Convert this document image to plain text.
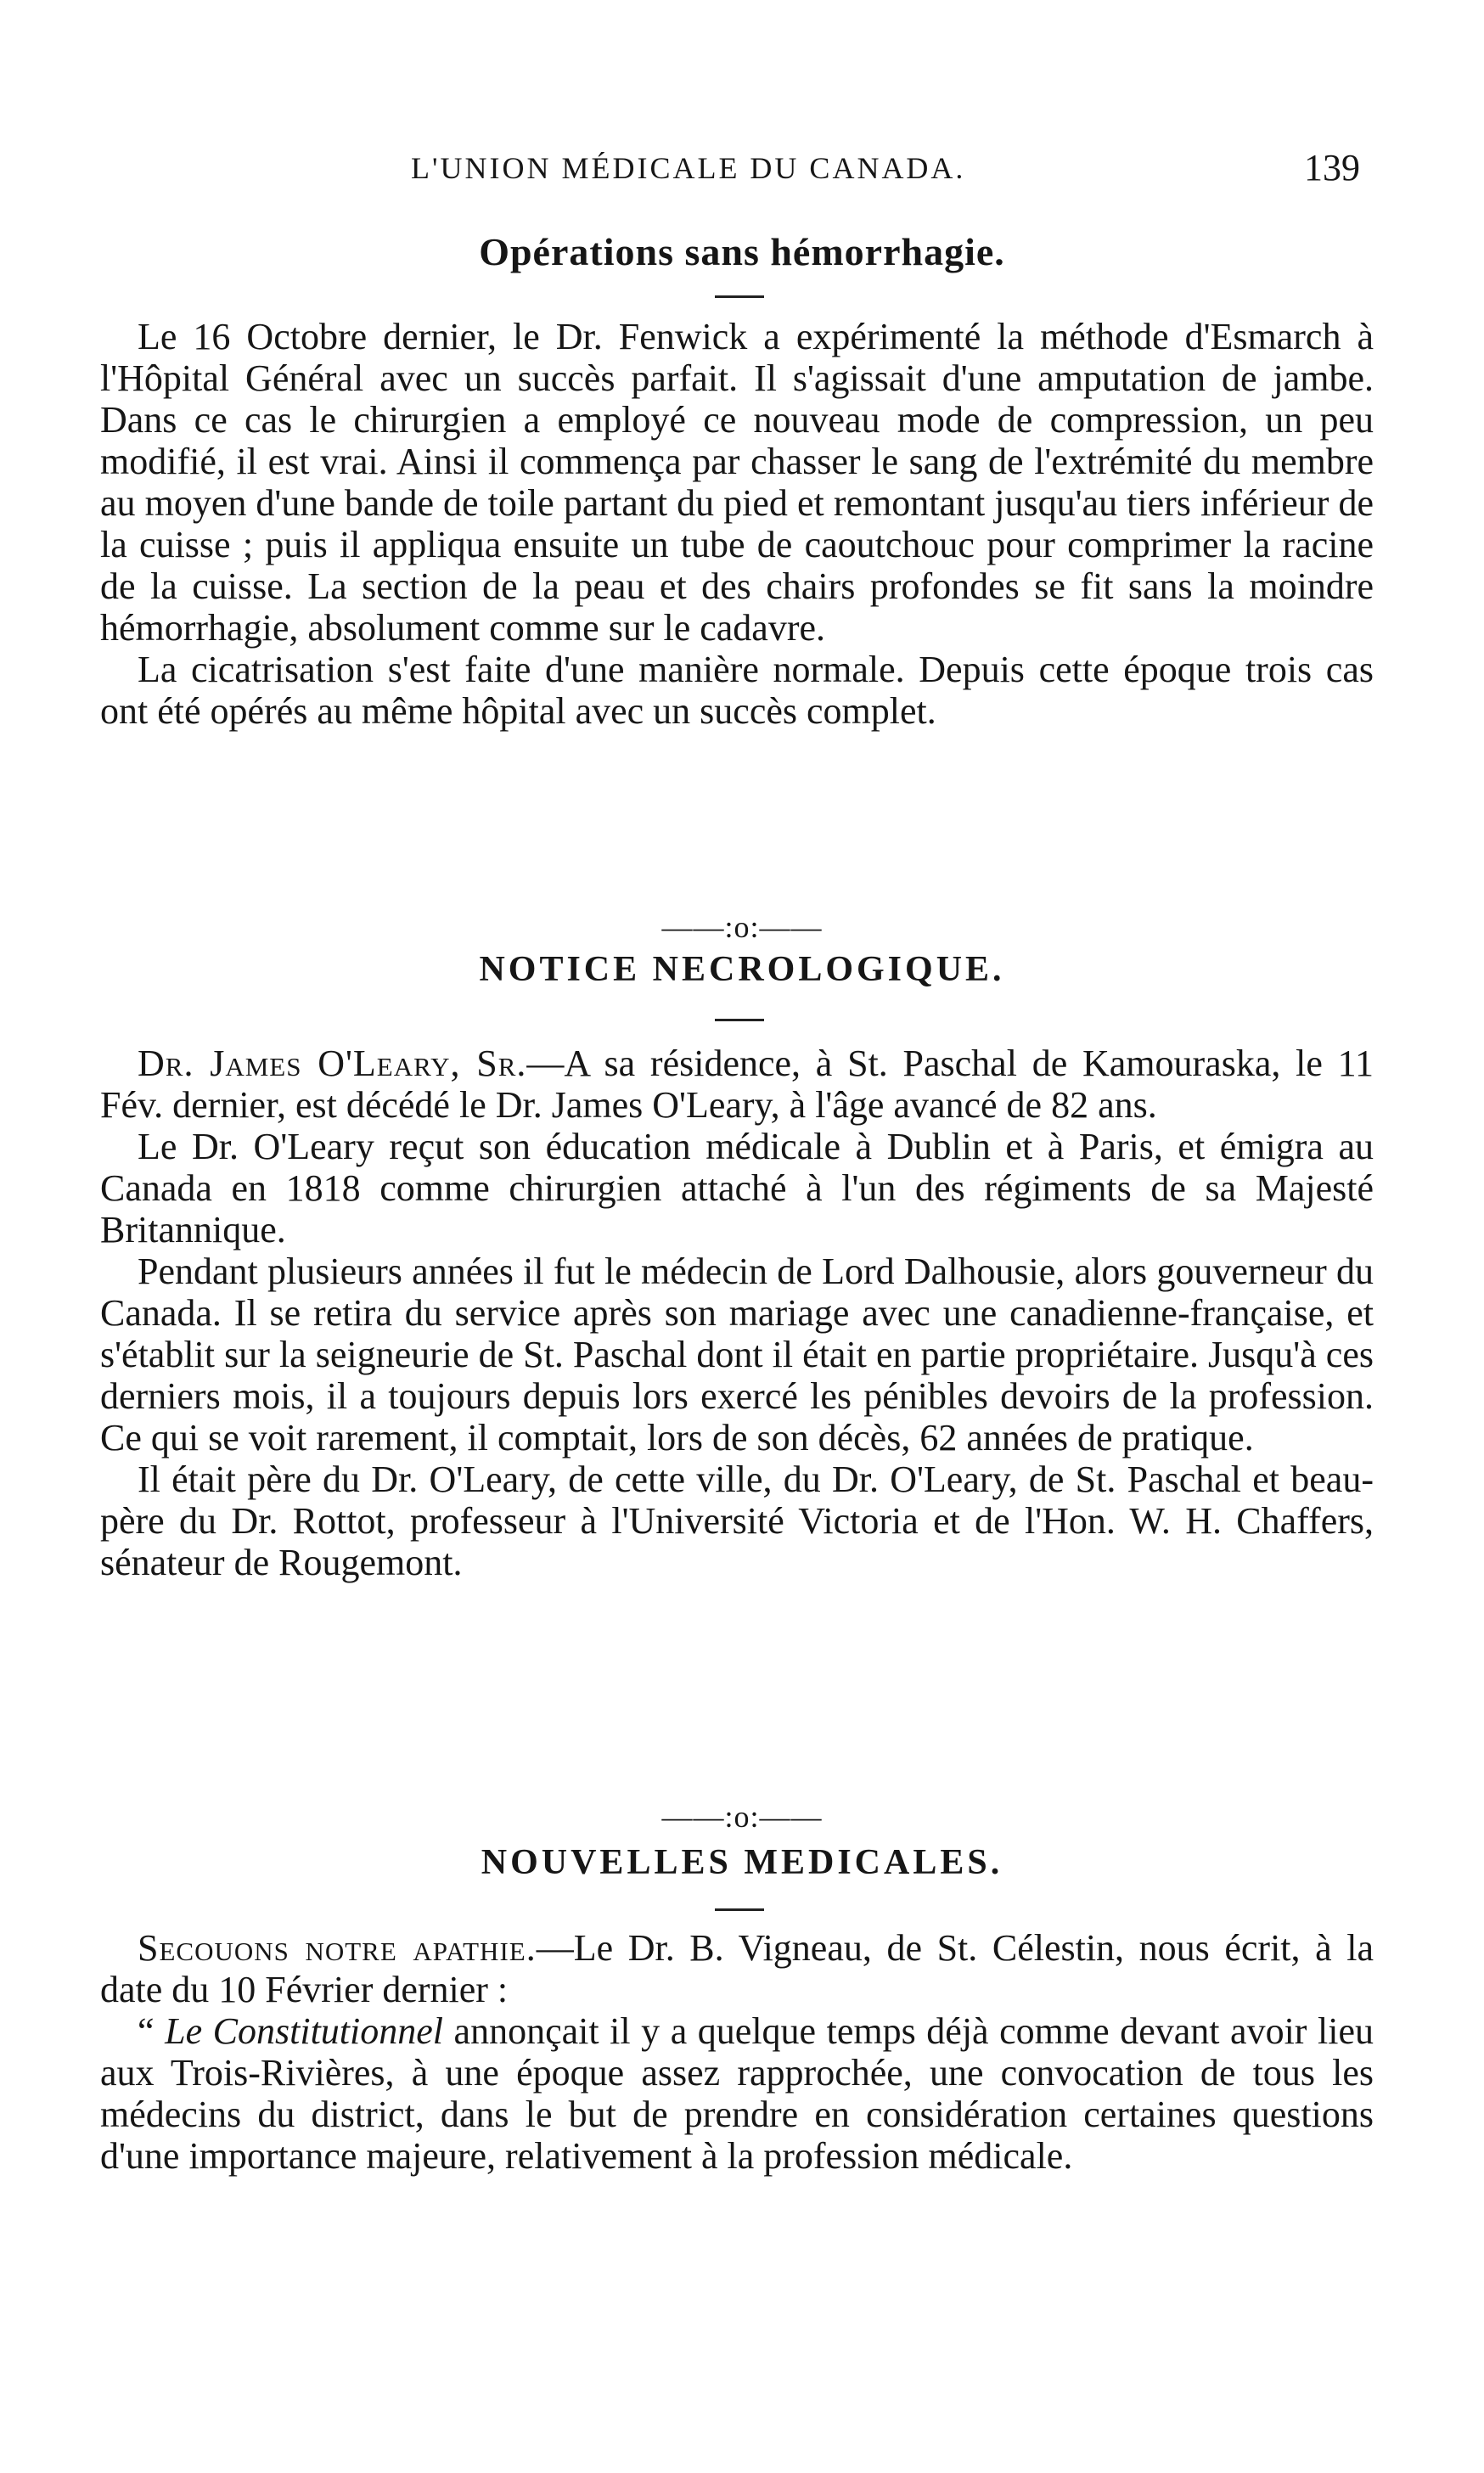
L'UNION MÉDICALE DU CANADA.	139
Opérations sans hémorrhagie.

Le 16 Octobre dernier, le Dr. Fenwick a expérimenté la méthode d'Esmarch à l'Hôpital Général avec un succès parfait. Il s'agissait d'une amputation de jambe. Dans ce cas le chirurgien a employé ce nouveau mode de compression, un peu modifié, il est vrai. Ainsi il commença par chasser le sang de l'extrémité du membre au moyen d'une bande de toile partant du pied et remontant jusqu'au tiers inférieur de la cuisse ; puis il appliqua ensuite un tube de caoutchouc pour comprimer la racine de la cuisse. La section de la peau et des chairs profondes se fit sans la moindre hémorrhagie, absolument comme sur le cadavre.

La cicatrisation s'est faite d'une manière normale. Depuis cette époque trois cas ont été opérés au même hôpital avec un succès complet.

——:o:——
NOTICE NECROLOGIQUE.

Dr. James O'Leary, Sr.—A sa résidence, à St. Paschal de Kamouraska, le 11 Fév. dernier, est décédé le Dr. James O'Leary, à l'âge avancé de 82 ans.

Le Dr. O'Leary reçut son éducation médicale à Dublin et à Paris, et émigra au Canada en 1818 comme chirurgien attaché à l'un des régiments de sa Majesté Britannique.

Pendant plusieurs années il fut le médecin de Lord Dalhousie, alors gouverneur du Canada. Il se retira du service après son mariage avec une canadienne-française, et s'établit sur la seigneurie de St. Paschal dont il était en partie propriétaire. Jusqu'à ces derniers mois, il a toujours depuis lors exercé les pénibles devoirs de la profession. Ce qui se voit rarement, il comptait, lors de son décès, 62 années de pratique.

Il était père du Dr. O'Leary, de cette ville, du Dr. O'Leary, de St. Paschal et beau-père du Dr. Rottot, professeur à l'Université Victoria et de l'Hon. W. H. Chaffers, sénateur de Rougemont.

——:o:——
NOUVELLES MEDICALES.

Secouons notre apathie.—Le Dr. B. Vigneau, de St. Célestin, nous écrit, à la date du 10 Février dernier :

“ Le Constitutionnel annonçait il y a quelque temps déjà comme devant avoir lieu aux Trois-Rivières, à une époque assez rapprochée, une convocation de tous les médecins du district, dans le but de prendre en considération certaines questions d'une importance majeure, relativement à la profession médicale.
